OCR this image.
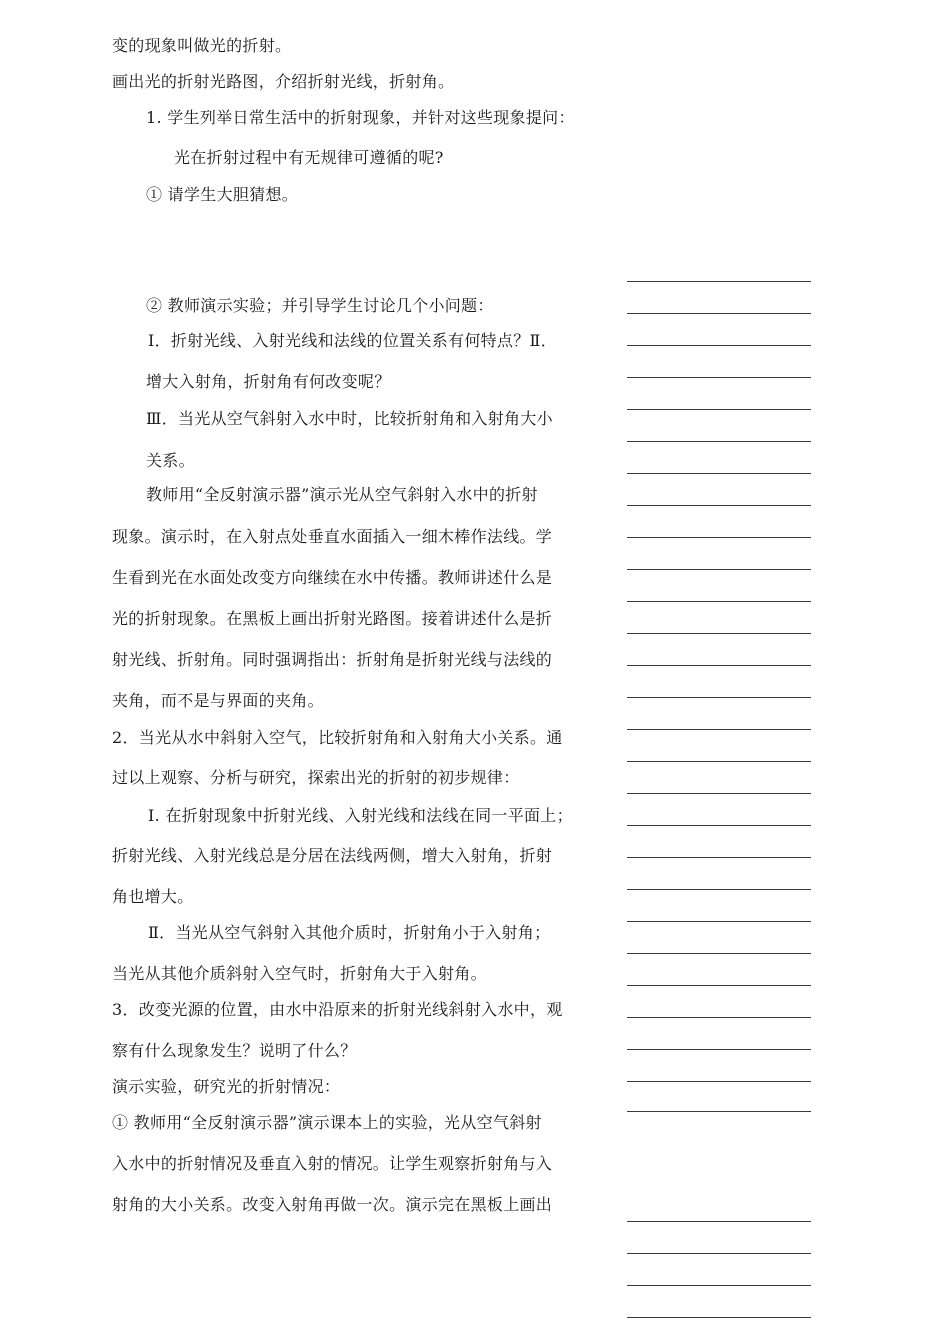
变的现象叫做光的折射。
画出光的折射光路图，介绍折射光线，折射角。
1. 学生列举日常生活中的折射现象，并针对这些现象提问：
光在折射过程中有无规律可遵循的呢?
① 请学生大胆猜想。
② 教师演示实验；并引导学生讨论几个小问题：
Ⅰ．折射光线、入射光线和法线的位置关系有何特点？Ⅱ．
增大入射角，折射角有何改变呢？
Ⅲ．当光从空气斜射入水中时，比较折射角和入射角大小
关系。
教师用“全反射演示器”演示光从空气斜射入水中的折射
现象。演示时，在入射点处垂直水面插入一细木棒作法线。学
生看到光在水面处改变方向继续在水中传播。教师讲述什么是
光的折射现象。在黑板上画出折射光路图。接着讲述什么是折
射光线、折射角。同时强调指出：折射角是折射光线与法线的
夹角，而不是与界面的夹角。
2．当光从水中斜射入空气，比较折射角和入射角大小关系。通
过以上观察、分析与研究，探索出光的折射的初步规律：
Ⅰ. 在折射现象中折射光线、入射光线和法线在同一平面上；
折射光线、入射光线总是分居在法线两侧，增大入射角，折射
角也增大。
Ⅱ．当光从空气斜射入其他介质时，折射角小于入射角；
当光从其他介质斜射入空气时，折射角大于入射角。
3．改变光源的位置，由水中沿原来的折射光线斜射入水中，观
察有什么现象发生？说明了什么？
演示实验，研究光的折射情况：
① 教师用“全反射演示器”演示课本上的实验，光从空气斜射
入水中的折射情况及垂直入射的情况。让学生观察折射角与入
射角的大小关系。改变入射角再做一次。演示完在黑板上画出
